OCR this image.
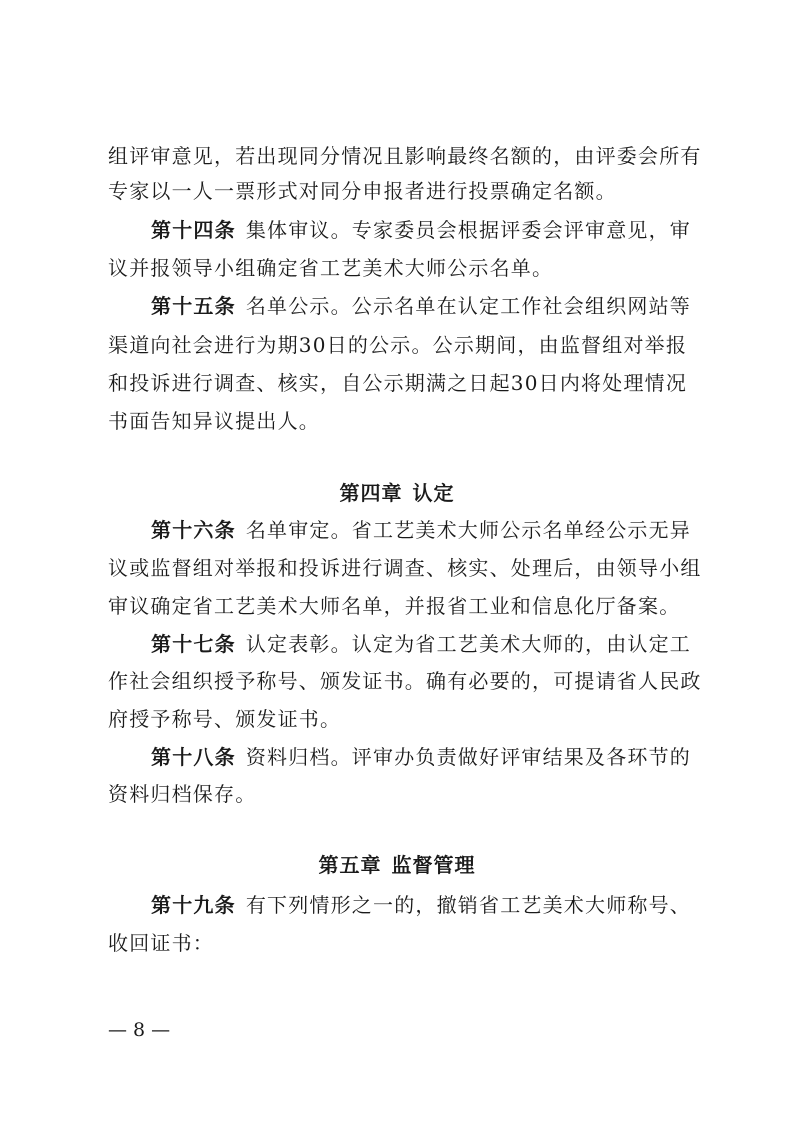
组评审意见，若出现同分情况且影响最终名额的，由评委会所有
专家以一人一票形式对同分申报者进行投票确定名额。
第十四条 集体审议。专家委员会根据评委会评审意见，审
议并报领导小组确定省工艺美术大师公示名单。
第十五条 名单公示。公示名单在认定工作社会组织网站等
渠道向社会进行为期30日的公示。公示期间，由监督组对举报
和投诉进行调查、核实，自公示期满之日起30日内将处理情况
书面告知异议提出人。
第四章 认定
第十六条 名单审定。省工艺美术大师公示名单经公示无异
议或监督组对举报和投诉进行调查、核实、处理后，由领导小组
审议确定省工艺美术大师名单，并报省工业和信息化厅备案。
第十七条 认定表彰。认定为省工艺美术大师的，由认定工
作社会组织授予称号、颁发证书。确有必要的，可提请省人民政
府授予称号、颁发证书。
第十八条 资料归档。评审办负责做好评审结果及各环节的
资料归档保存。
第五章 监督管理
第十九条 有下列情形之一的，撤销省工艺美术大师称号、
收回证书：
— 8 —
